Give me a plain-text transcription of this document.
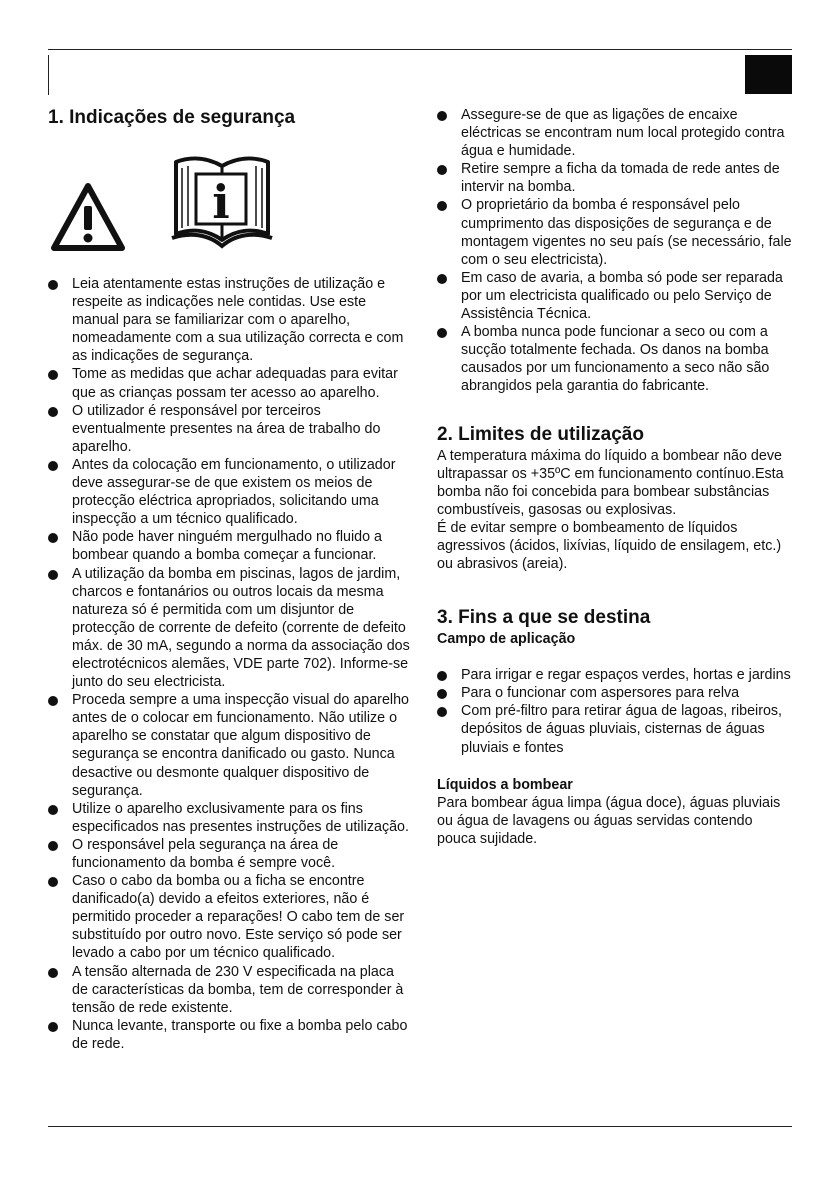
1. Indicações de segurança
i
Leia atentamente estas instruções de utilização e respeite as indicações nele contidas. Use este manual para se familiarizar com o aparelho, nomeadamente com a sua utilização correcta e com as indicações de segurança.
Tome as medidas que achar adequadas para evitar que as crianças possam ter acesso ao aparelho.
O utilizador é responsável por terceiros eventualmente presentes na área de trabalho do aparelho.
Antes da colocação em funcionamento, o utilizador deve assegurar-se de que existem os meios de protecção eléctrica apropriados, solicitando uma inspecção a um técnico qualificado.
Não pode haver ninguém mergulhado no fluido a bombear quando a bomba começar a funcionar.
A utilização da bomba em piscinas, lagos de jardim, charcos e fontanários ou outros locais da mesma natureza só é permitida com um disjuntor de protecção de corrente de defeito (corrente de defeito máx. de 30 mA, segundo a norma da associação dos electrotécnicos alemães, VDE parte 702). Informe-se junto do seu electricista.
Proceda sempre a uma inspecção visual do aparelho antes de o colocar em funcionamento. Não utilize o aparelho se constatar que algum dispositivo de segurança se encontra danificado ou gasto. Nunca desactive ou desmonte qualquer dispositivo de segurança.
Utilize o aparelho exclusivamente para os fins especificados nas presentes instruções de utilização.
O responsável pela segurança na área de funcionamento da bomba é sempre você.
Caso o cabo da bomba ou a ficha se encontre danificado(a) devido a efeitos exteriores, não é permitido proceder a reparações! O cabo tem de ser substituído por outro novo. Este serviço só pode ser levado a cabo por um técnico qualificado.
A tensão alternada de 230 V especificada na placa de características da bomba, tem de corresponder à tensão de rede existente.
Nunca levante, transporte ou fixe a bomba pelo cabo de rede.
Assegure-se de que as ligações de encaixe eléctricas se encontram num local protegido contra água e humidade.
Retire sempre a ficha da tomada de rede antes de intervir na bomba.
O proprietário da bomba é responsável pelo cumprimento das disposições de segurança e de montagem vigentes no seu país (se necessário, fale com o seu electricista).
Em caso de avaria, a bomba só pode ser reparada por um electricista qualificado ou pelo Serviço de Assistência Técnica.
A bomba nunca pode funcionar a seco ou com a sucção totalmente fechada. Os danos na bomba causados por um funcionamento a seco não são abrangidos pela garantia do fabricante.
2. Limites de utilização

A temperatura máxima do líquido a bombear não deve ultrapassar os +35ºC em funcionamento contínuo.Esta bomba não foi concebida para bombear substâncias combustíveis, gasosas ou explosivas.

É de evitar sempre o bombeamento de líquidos agressivos (ácidos, lixívias, líquido de ensilagem, etc.) ou abrasivos (areia).

3. Fins a que se destina
Campo de aplicação
Para irrigar e regar espaços verdes, hortas e jardins
Para o funcionar com aspersores para relva
Com pré-filtro para retirar água de lagoas, ribeiros, depósitos de águas pluviais, cisternas de águas pluviais e fontes
Líquidos a bombear

Para bombear água limpa (água doce), águas pluviais ou água de lavagens ou águas servidas contendo pouca sujidade.
